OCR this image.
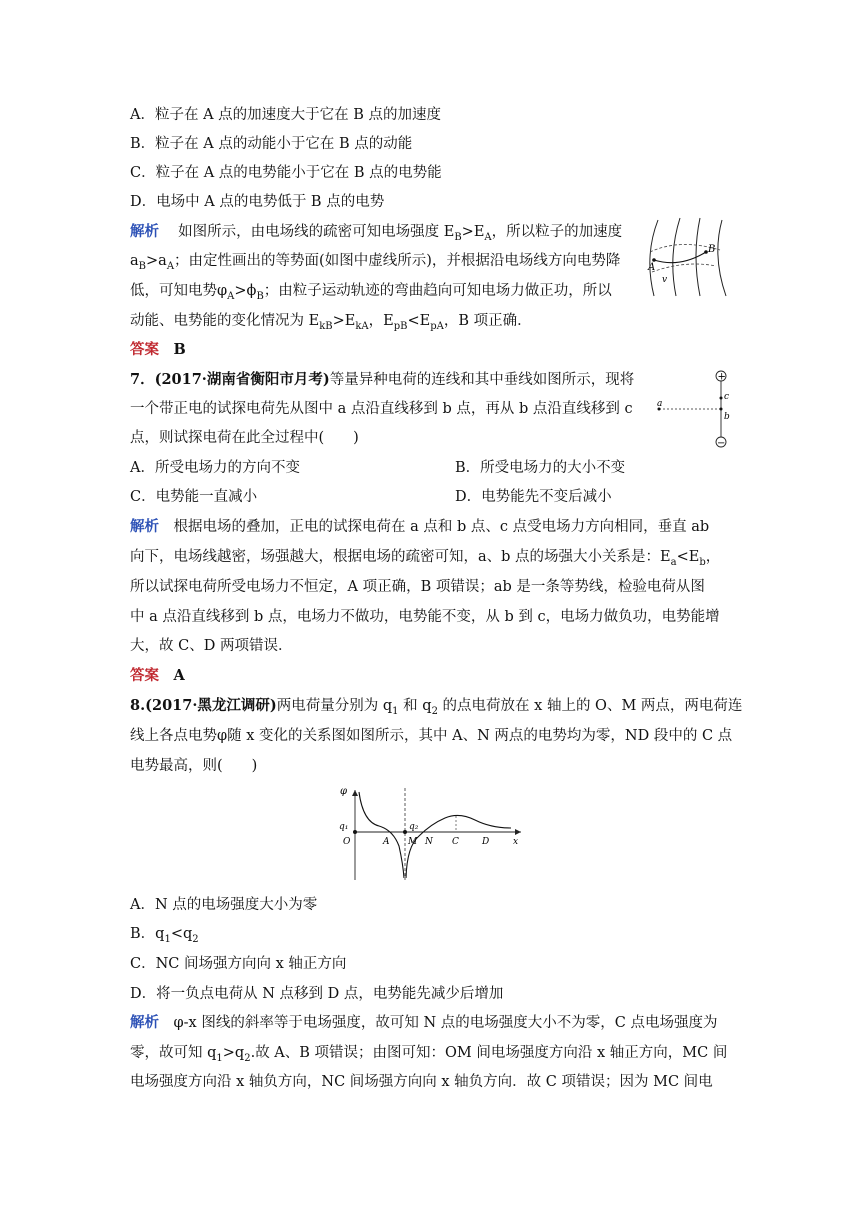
A．粒子在 A 点的加速度大于它在 B 点的加速度
B．粒子在 A 点的动能小于它在 B 点的动能
C．粒子在 A 点的电势能小于它在 B 点的电势能
D．电场中 A 点的电势低于 B 点的电势
解析　 如图所示，由电场线的疏密可知电场强度 $E_B>E_A$，所以粒子的加速度
$a_B>a_A$；由定性画出的等势面(如图中虚线所示)，并根据沿电场线方向电势降
低，可知电势$\varphi_A>\phi_B$；由粒子运动轨迹的弯曲趋向可知电场力做正功，所以
动能、电势能的变化情况为 $E_{kB}>E_{kA}$，$E_{pB}<E_{pA}$，B 项正确．
答案　 B
A
B
v
7．(2017·湖南省衡阳市月考)等量异种电荷的连线和其中垂线如图所示，现将
一个带正电的试探电荷先从图中 a 点沿直线移到 b 点，再从 b 点沿直线移到 c
点，则试探电荷在此全过程中(　　)
A．所受电场力的方向不变	B．所受电场力的大小不变
C．电势能一直减小	D．电势能先不变后减小
+
−
a
b
c
解析　 根据电场的叠加，正电的试探电荷在 a 点和 b 点、c 点受电场力方向相同，垂直 ab
向下，电场线越密，场强越大，根据电场的疏密可知，a、b 点的场强大小关系是：$E_a<E_b$，
所以试探电荷所受电场力不恒定，A 项正确，B 项错误；ab 是一条等势线，检验电荷从图
中 a 点沿直线移到 b 点，电场力不做功，电势能不变，从 b 到 c，电场力做负功，电势能增
大，故 C、D 两项错误．
答案　 A
8.(2017·黑龙江调研)两电荷量分别为 $q_1$ 和 $q_2$ 的点电荷放在 x 轴上的 O、M 两点，两电荷连
线上各点电势φ随 x 变化的关系图如图所示，其中 A、N 两点的电势均为零，ND 段中的 C 点
电势最高，则(　　)
φ
q₁	q₂
O	A M N C	D	x
A．N 点的电场强度大小为零
B．$q_1<q_2$
C．NC 间场强方向向 x 轴正方向
D．将一负点电荷从 N 点移到 D 点，电势能先减少后增加
解析　 φ-x 图线的斜率等于电场强度，故可知 N 点的电场强度大小不为零，C 点电场强度为
零，故可知 $q_1>q_2$.故 A、B 项错误；由图可知：OM 间电场强度方向沿 x 轴正方向，MC 间
电场强度方向沿 x 轴负方向，NC 间场强方向向 x 轴负方向．故 C 项错误；因为 MC 间电
